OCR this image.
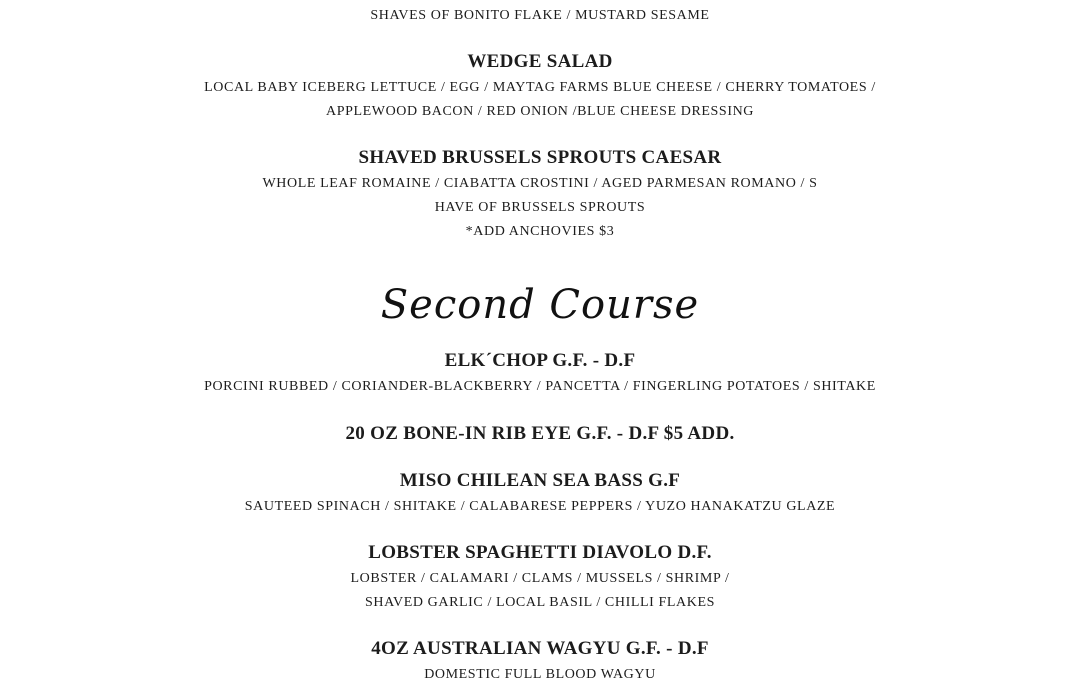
SHAVES OF BONITO FLAKE / MUSTARD SESAME
WEDGE SALAD
LOCAL BABY ICEBERG LETTUCE / EGG / MAYTAG FARMS BLUE CHEESE / CHERRY TOMATOES /
APPLEWOOD BACON / RED ONION /BLUE CHEESE DRESSING
SHAVED BRUSSELS SPROUTS CAESAR
WHOLE LEAF ROMAINE / CIABATTA CROSTINI / AGED PARMESAN ROMANO / S
HAVE OF BRUSSELS SPROUTS
*ADD ANCHOVIES $3
Second Course
ELK´CHOP G.F. - D.F
PORCINI RUBBED / CORIANDER-BLACKBERRY / PANCETTA / FINGERLING POTATOES / SHITAKE
20 OZ BONE-IN RIB EYE G.F. - D.F $5 ADD.
MISO CHILEAN SEA BASS G.F
SAUTEED SPINACH / SHITAKE / CALABARESE PEPPERS / YUZO HANAKATZU GLAZE
LOBSTER SPAGHETTI DIAVOLO D.F.
LOBSTER / CALAMARI / CLAMS / MUSSELS / SHRIMP /
SHAVED GARLIC / LOCAL BASIL / CHILLI FLAKES
4OZ AUSTRALIAN WAGYU G.F. - D.F
DOMESTIC FULL BLOOD WAGYU
